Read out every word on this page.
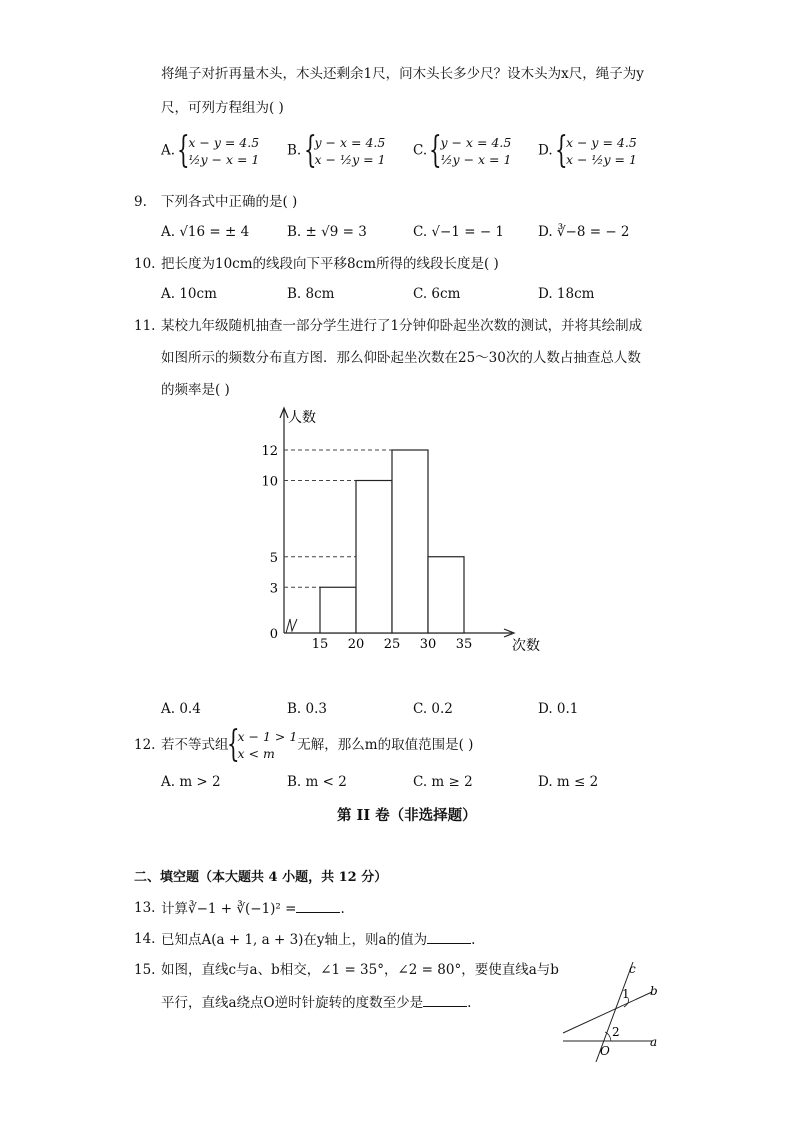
将绳子对折再量木头，木头还剩余1尺，问木头长多少尺？设木头为x尺，绳子为y
尺，可列方程组为( )
A. { x − y = 4.5
½y − x = 1
B. { y − x = 4.5
x − ½y = 1
C. { y − x = 4.5
½y − x = 1
D. { x − y = 4.5
x − ½y = 1
9. 下列各式中正确的是( )
A. √16 = ± 4	B. ± √9 = 3	C. √−1 = − 1	D. ∛−8 = − 2
10. 把长度为10cm的线段向下平移8cm所得的线段长度是( )
A. 10cm	B. 8cm	C. 6cm	D. 18cm
11. 某校九年级随机抽查一部分学生进行了1分钟仰卧起坐次数的测试，并将其绘制成
如图所示的频数分布直方图．那么仰卧起坐次数在25～30次的人数占抽查总人数
的频率是( )
0
3
5
10
12
15 20 25 30 35
人数
次数
A. 0.4	B. 0.3	C. 0.2	D. 0.1
12. 若不等式组
{ x − 1 > 1
x < m
无解，那么m的取值范围是( )
A. m > 2	B. m < 2	C. m ≥ 2	D. m ≤ 2
第 II 卷（非选择题）
二、填空题（本大题共 4 小题，共 12 分）
13. 计算∛−1 + ∛(−1)² =	.
14. 已知点A(a + 1, a + 3)在y轴上，则a的值为	.
15. 如图，直线c与a、b相交，∠1 = 35°，∠2 = 80°，要使直线a与b
平行，直线a绕点O逆时针旋转的度数至少是	.
c
b
a
1
2
O
